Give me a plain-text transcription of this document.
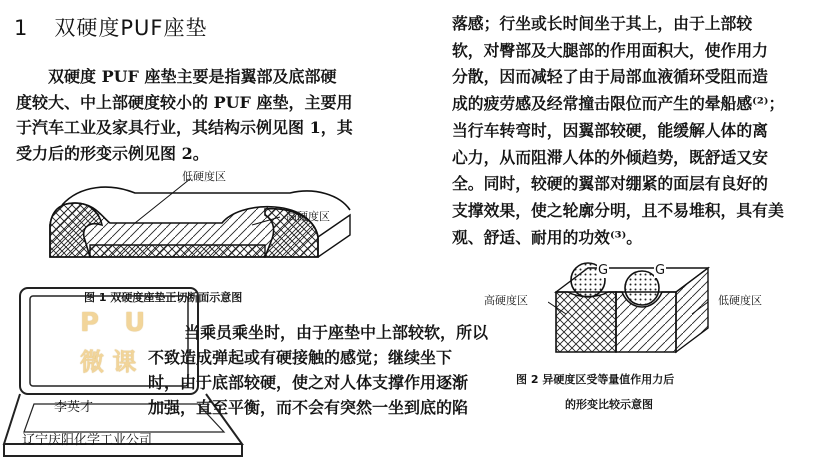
1 双硬度PUF座垫
双硬度 PUF 座垫主要是指翼部及底部硬
度较大、中上部硬度较小的 PUF 座垫，主要用
于汽车工业及家具行业，其结构示例见图 1，其
受力后的形变示例见图 2。
低硬度区
高硬度区
图 1 双硬度座垫正切断面示意图
P U
微 课
李英才
辽宁庆阳化学工业公司
当乘员乘坐时，由于座垫中上部较软，所以
不致造成弹起或有硬接触的感觉；继续坐下
时，由于底部较硬，使之对人体支撑作用逐渐
加强，直至平衡，而不会有突然一坐到底的陷
落感；行坐或长时间坐于其上，由于上部较
软，对臀部及大腿部的作用面积大，使作用力
分散，因而减轻了由于局部血液循环受阻而造
成的疲劳感及经常撞击限位而产生的晕船感⁽²⁾；
当行车转弯时，因翼部较硬，能缓解人体的离
心力，从而阻滞人体的外倾趋势，既舒适又安
全。同时，较硬的翼部对绷紧的面层有良好的
支撑效果，使之轮廓分明，且不易堆积，具有美
观、舒适、耐用的功效⁽³⁾。
G	G
高硬度区	低硬度区
图 2 异硬度区受等量值作用力后
的形变比较示意图
